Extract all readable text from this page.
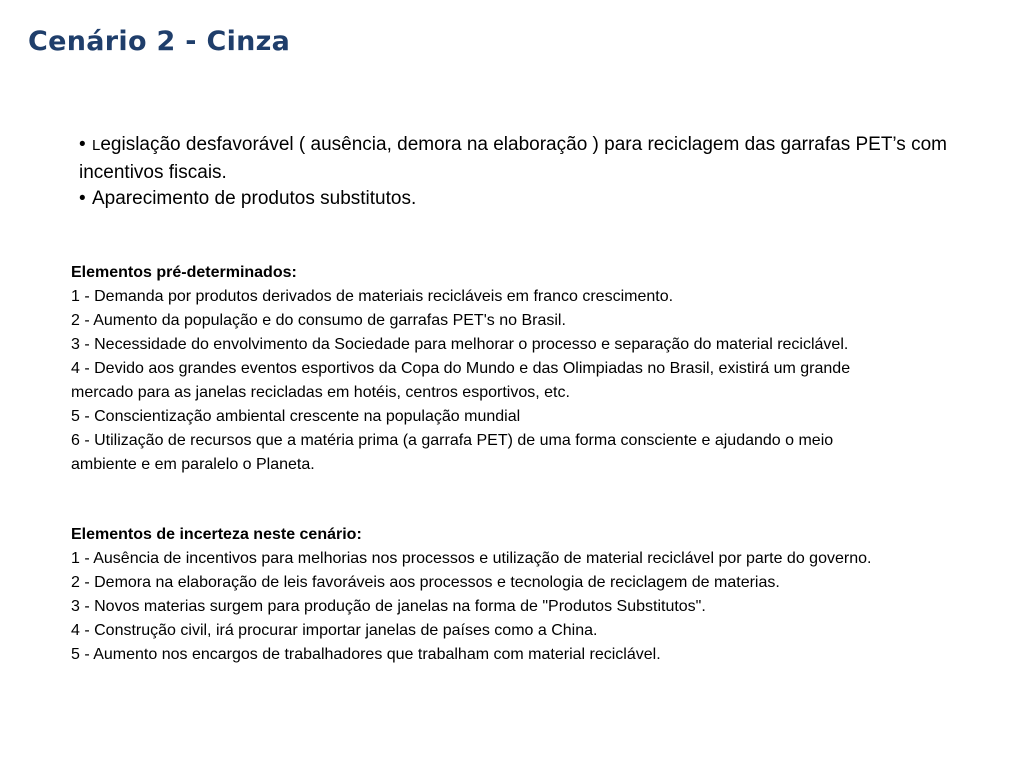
Cenário 2 - Cinza
• Legislação desfavorável ( ausência, demora na elaboração ) para reciclagem das garrafas PET’s com incentivos fiscais.
• Aparecimento de produtos substitutos.

Elementos pré-determinados:

1 - Demanda por produtos derivados de materiais recicláveis em franco crescimento.
2 - Aumento da população e do consumo de garrafas PET's no Brasil.
3 - Necessidade do envolvimento da Sociedade para melhorar o processo e separação do material reciclável.
4 - Devido aos grandes eventos esportivos da Copa do Mundo e das Olimpiadas no Brasil, existirá um grande mercado para as janelas recicladas em hotéis, centros esportivos, etc.
5 - Conscientização ambiental crescente na população mundial
6 - Utilização de recursos que a matéria prima (a garrafa PET) de uma forma consciente e ajudando o meio ambiente e em paralelo o Planeta.

Elementos de incerteza neste cenário:

1 - Ausência de incentivos para melhorias nos processos e utilização de material reciclável por parte do governo.
2 - Demora na elaboração de leis favoráveis aos processos e tecnologia de reciclagem de materias.
3 - Novos materias surgem para produção de janelas na forma de "Produtos Substitutos".
4 - Construção civil, irá procurar importar janelas de países como a China.
5 - Aumento nos encargos de trabalhadores que trabalham com material reciclável.
